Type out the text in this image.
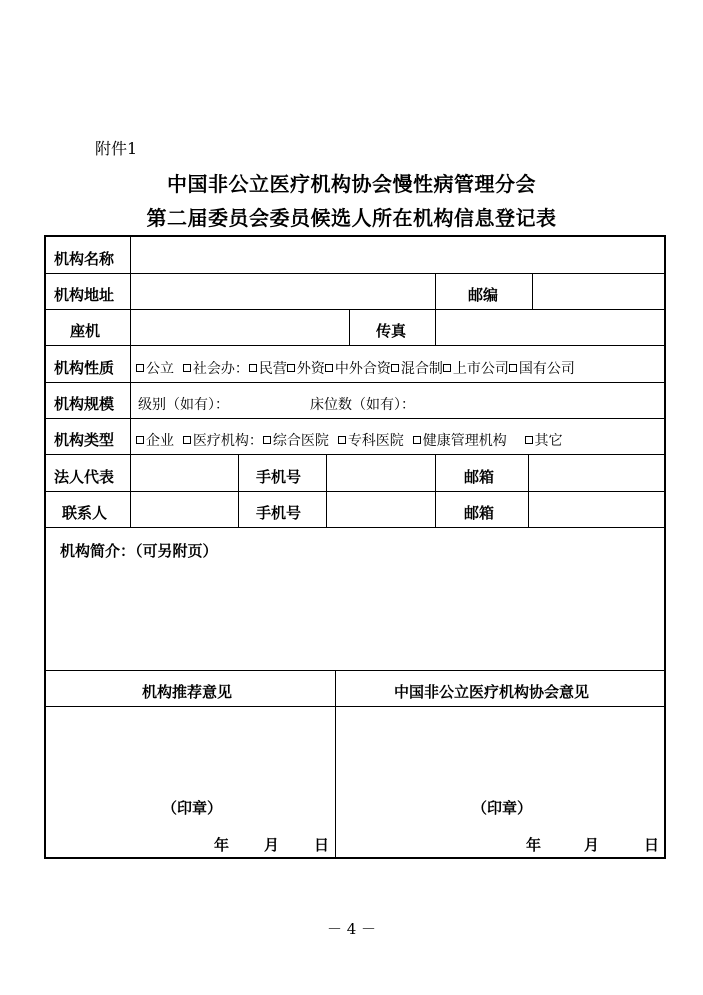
附件1
中国非公立医疗机构协会慢性病管理分会
第二届委员会委员候选人所在机构信息登记表
机构名称
机构地址	邮编
座机	传真
机构性质	公立 社会办： 民营 外资 中外合资 混合制 上市公司 国有公司
机构规模 级别（如有）：	床位数（如有）：
机构类型	企业 医疗机构： 综合医院 专科医院 健康管理机构 其它
法人代表	手机号	邮箱
联系人	手机号	邮箱
机构简介：（可另附页）
机构推荐意见	中国非公立医疗机构协会意见
（印章）
年 月 日
（印章）
年	月	日
－ 4 －
